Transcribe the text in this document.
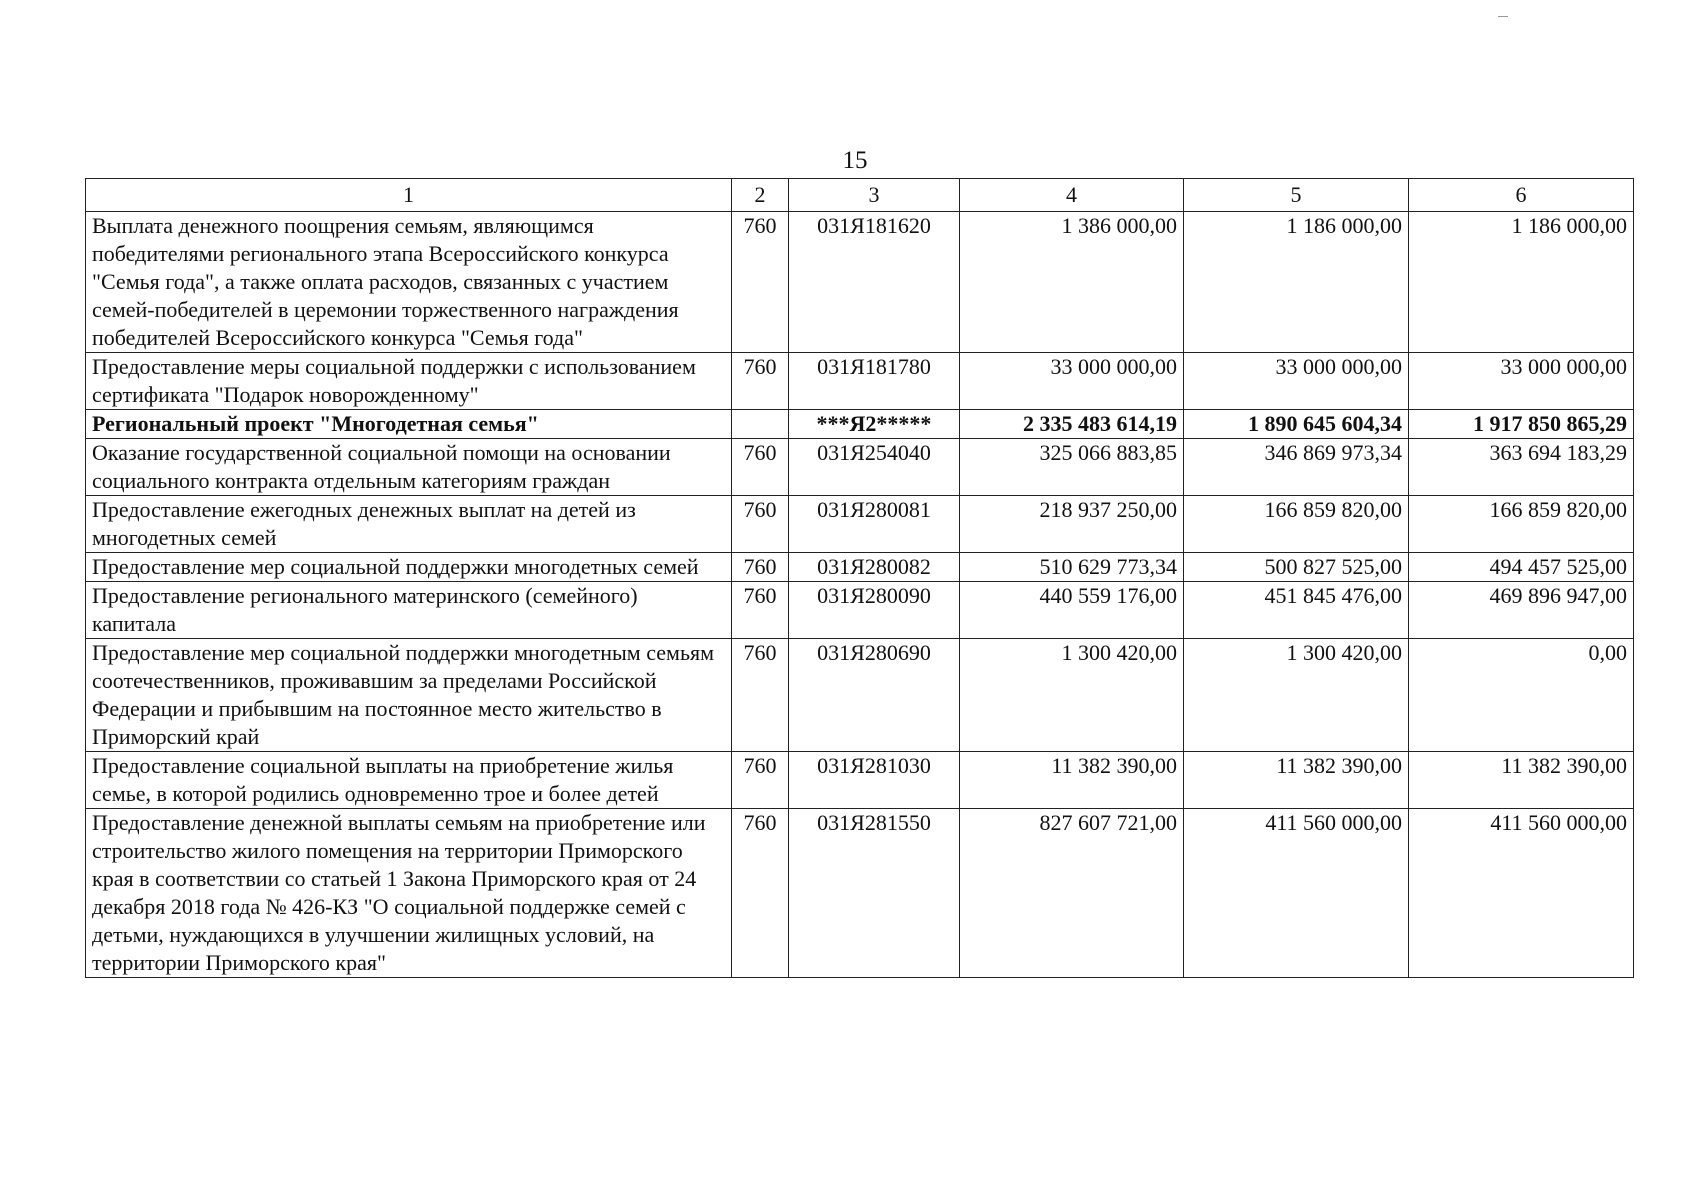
15
1	2	3	4	5	6
Выплата денежного поощрения семьям, являющимся победителями регионального этапа Всероссийского конкурса "Семья года", а также оплата расходов, связанных с участием семей-победителей в церемонии торжественного награждения победителей Всероссийского конкурса "Семья года"	760	031Я181620	1 386 000,00	1 186 000,00	1 186 000,00
Предоставление меры социальной поддержки с использованием сертификата "Подарок новорожденному"	760	031Я181780	33 000 000,00	33 000 000,00	33 000 000,00
Региональный проект "Многодетная семья"		***Я2*****	2 335 483 614,19	1 890 645 604,34	1 917 850 865,29
Оказание государственной социальной помощи на основании социального контракта отдельным категориям граждан	760	031Я254040	325 066 883,85	346 869 973,34	363 694 183,29
Предоставление ежегодных денежных выплат на детей из многодетных семей	760	031Я280081	218 937 250,00	166 859 820,00	166 859 820,00
Предоставление мер социальной поддержки многодетных семей	760	031Я280082	510 629 773,34	500 827 525,00	494 457 525,00
Предоставление регионального материнского (семейного) капитала	760	031Я280090	440 559 176,00	451 845 476,00	469 896 947,00
Предоставление мер социальной поддержки многодетным семьям соотечественников, проживавшим за пределами Российской Федерации и прибывшим на постоянное место жительство в Приморский край	760	031Я280690	1 300 420,00	1 300 420,00	0,00
Предоставление социальной выплаты на приобретение жилья семье, в которой родились одновременно трое и более детей	760	031Я281030	11 382 390,00	11 382 390,00	11 382 390,00
Предоставление денежной выплаты семьям на приобретение или строительство жилого помещения на территории Приморского края в соответствии со статьей 1 Закона Приморского края от 24 декабря 2018 года № 426-КЗ "О социальной поддержке семей с детьми, нуждающихся в улучшении жилищных условий, на территории Приморского края"	760	031Я281550	827 607 721,00	411 560 000,00	411 560 000,00
